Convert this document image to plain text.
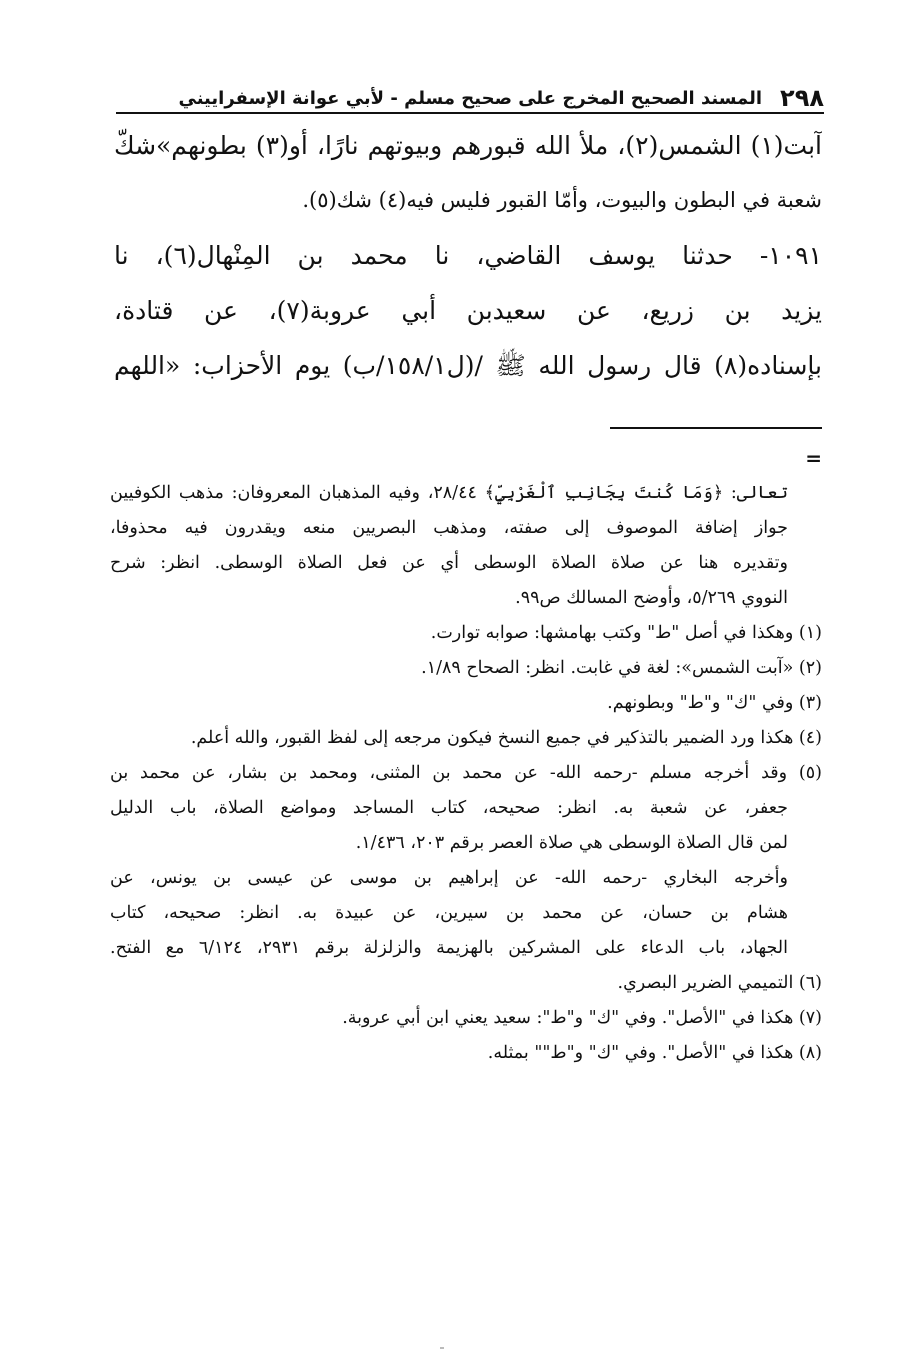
٢٩٨
المسند الصحيح المخرج على صحيح مسلم - لأبي عوانة الإسفراييني
آبت(١) الشمس(٢)، ملأ الله قبورهم وبيوتهم نارًا، أو(٣) بطونهم»شكّ
شعبة في البطون والبيوت، وأمّا القبور فليس فيه(٤) شك(٥).
١٠٩١- حدثنا يوسف القاضي، نا محمد بن المِنْهال(٦)، نا
يزيد بن زريع، عن سعيدبن أبي عروبة(٧)، عن قتادة،
بإسناده(٨) قال رسول الله ﷺ /(ل١٥٨/١/ب) يوم الأحزاب: «اللهم
=
تعالى: ﴿وَمَا كُنتَ بِجَانِبِ ٱلْغَرْبِيِّ﴾ ٢٨/٤٤، وفيه المذهبان المعروفان: مذهب الكوفيين
جواز إضافة الموصوف إلى صفته، ومذهب البصريين منعه ويقدرون فيه محذوفا،
وتقديره هنا عن صلاة الصلاة الوسطى أي عن فعل الصلاة الوسطى. انظر: شرح
النووي ٥/٢٦٩، وأوضح المسالك ص٩٩.
(١) وهكذا في أصل "ط" وكتب بهامشها: صوابه توارت.
(٢) «آبت الشمس»: لغة في غابت. انظر: الصحاح ١/٨٩.
(٣) وفي "ك" و"ط" وبطونهم.
(٤) هكذا ورد الضمير بالتذكير في جميع النسخ فيكون مرجعه إلى لفظ القبور، والله أعلم.
(٥) وقد أخرجه مسلم -رحمه الله- عن محمد بن المثنى، ومحمد بن بشار، عن محمد بن
جعفر، عن شعبة به. انظر: صحيحه، كتاب المساجد ومواضع الصلاة، باب الدليل
لمن قال الصلاة الوسطى هي صلاة العصر برقم ٢٠٣، ١/٤٣٦.
وأخرجه البخاري -رحمه الله- عن إبراهيم بن موسى عن عيسى بن يونس، عن
هشام بن حسان، عن محمد بن سيرين، عن عبيدة به. انظر: صحيحه، كتاب
الجهاد، باب الدعاء على المشركين بالهزيمة والزلزلة برقم ٢٩٣١، ٦/١٢٤ مع الفتح.
(٦) التميمي الضرير البصري.
(٧) هكذا في "الأصل". وفي "ك" و"ط": سعيد يعني ابن أبي عروبة.
(٨) هكذا في "الأصل". وفي "ك" و"ط"" بمثله.
